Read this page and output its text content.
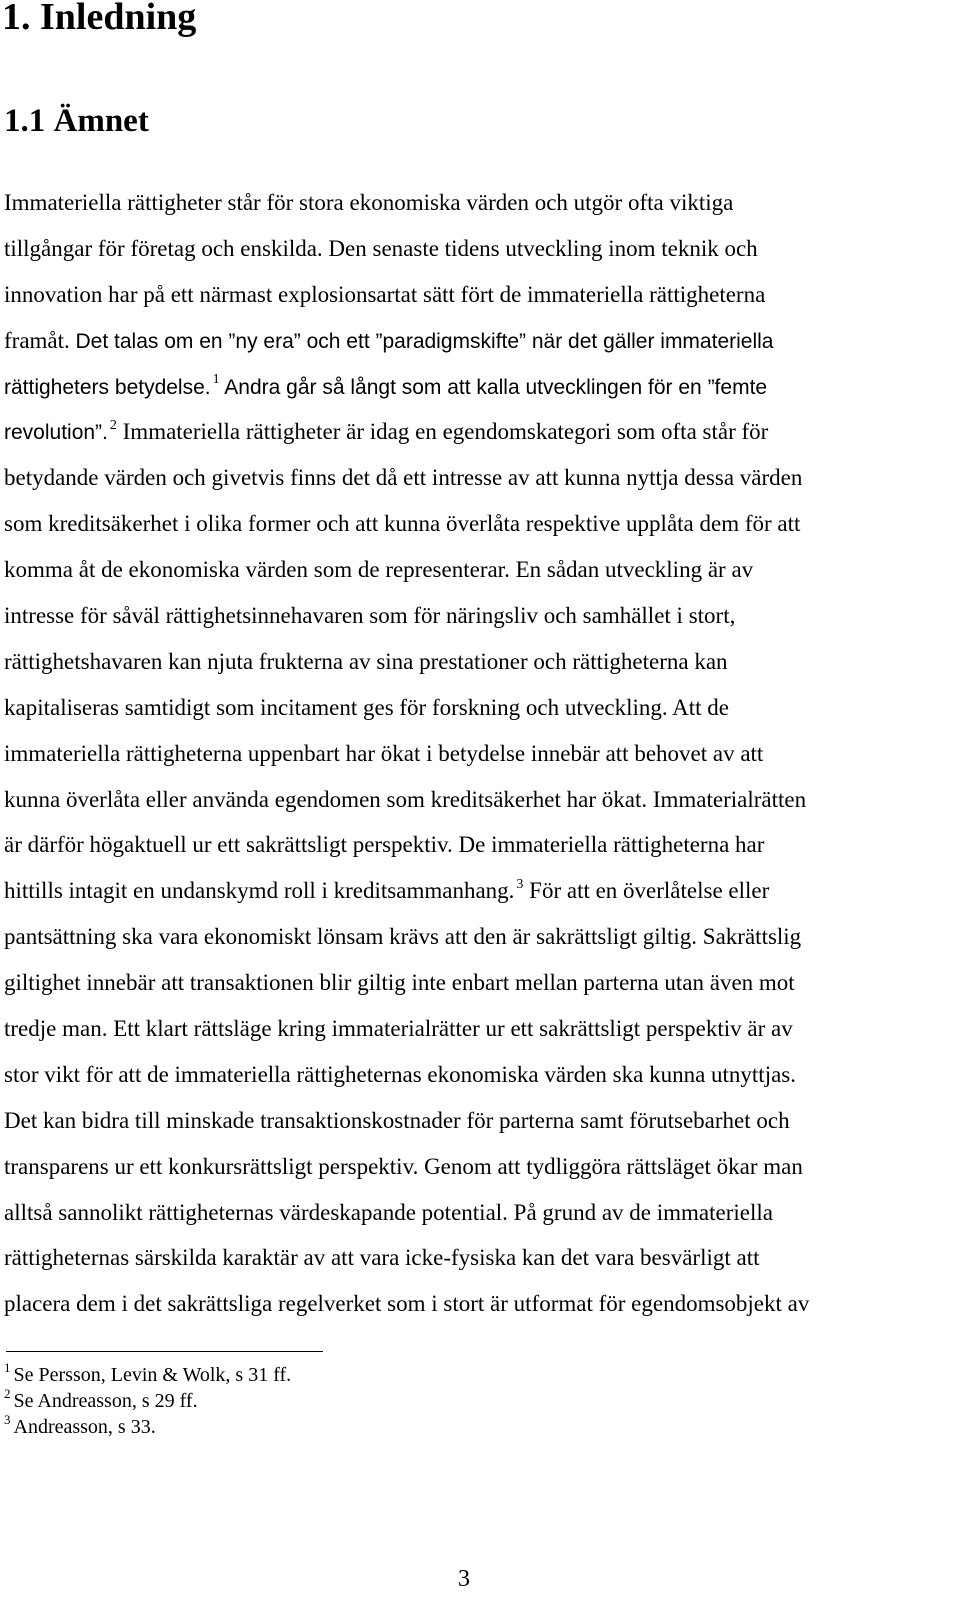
1. Inledning
1.1 Ämnet
Immateriella rättigheter står för stora ekonomiska värden och utgör ofta viktiga
tillgångar för företag och enskilda. Den senaste tidens utveckling inom teknik och
innovation har på ett närmast explosionsartat sätt fört de immateriella rättigheterna
framåt. Det talas om en ”ny era” och ett ”paradigmskifte” när det gäller immateriella
rättigheters betydelse. $^1$ Andra går så långt som att kalla utvecklingen för en ”femte
revolution”. $^2$ Immateriella rättigheter är idag en egendomskategori som ofta står för
betydande värden och givetvis finns det då ett intresse av att kunna nyttja dessa värden
som kreditsäkerhet i olika former och att kunna överlåta respektive upplåta dem för att
komma åt de ekonomiska värden som de representerar. En sådan utveckling är av
intresse för såväl rättighetsinnehavaren som för näringsliv och samhället i stort,
rättighetshavaren kan njuta frukterna av sina prestationer och rättigheterna kan
kapitaliseras samtidigt som incitament ges för forskning och utveckling. Att de
immateriella rättigheterna uppenbart har ökat i betydelse innebär att behovet av att
kunna överlåta eller använda egendomen som kreditsäkerhet har ökat. Immaterialrätten
är därför högaktuell ur ett sakrättsligt perspektiv. De immateriella rättigheterna har
hittills intagit en undanskymd roll i kreditsammanhang. $^3$ För att en överlåtelse eller
pantsättning ska vara ekonomiskt lönsam krävs att den är sakrättsligt giltig. Sakrättslig
giltighet innebär att transaktionen blir giltig inte enbart mellan parterna utan även mot
tredje man. Ett klart rättsläge kring immaterialrätter ur ett sakrättsligt perspektiv är av
stor vikt för att de immateriella rättigheternas ekonomiska värden ska kunna utnyttjas.
Det kan bidra till minskade transaktionskostnader för parterna samt förutsebarhet och
transparens ur ett konkursrättsligt perspektiv. Genom att tydliggöra rättsläget ökar man
alltså sannolikt rättigheternas värdeskapande potential. På grund av de immateriella
rättigheternas särskilda karaktär av att vara icke-fysiska kan det vara besvärligt att
placera dem i det sakrättsliga regelverket som i stort är utformat för egendomsobjekt av
$^1$ Se Persson, Levin & Wolk, s 31 ff.
$^2$ Se Andreasson, s 29 ff.
$^3$ Andreasson, s 33.
3
